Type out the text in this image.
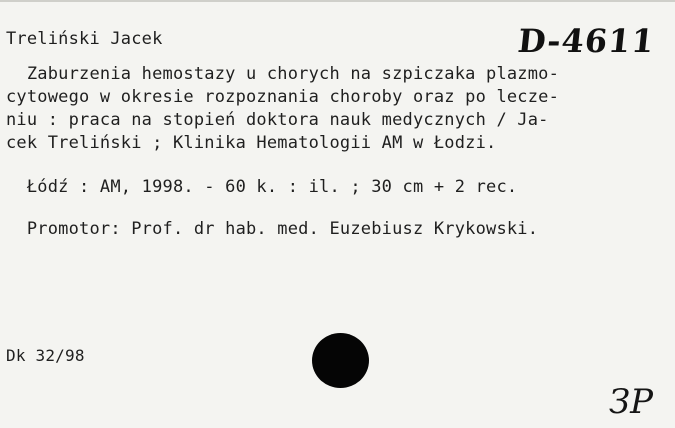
Treliński Jacek	D-4611
Zaburzenia hemostazy u chorych na szpiczaka plazmo-
cytowego w okresie rozpoznania choroby oraz po lecze-
niu : praca na stopień doktora nauk medycznych / Ja-
cek Treliński ; Klinika Hematologii AM w Łodzi.
Łódź : AM, 1998. - 60 k. : il. ; 30 cm + 2 rec.
Promotor: Prof. dr hab. med. Euzebiusz Krykowski.
Dk 32/98
ЗР
